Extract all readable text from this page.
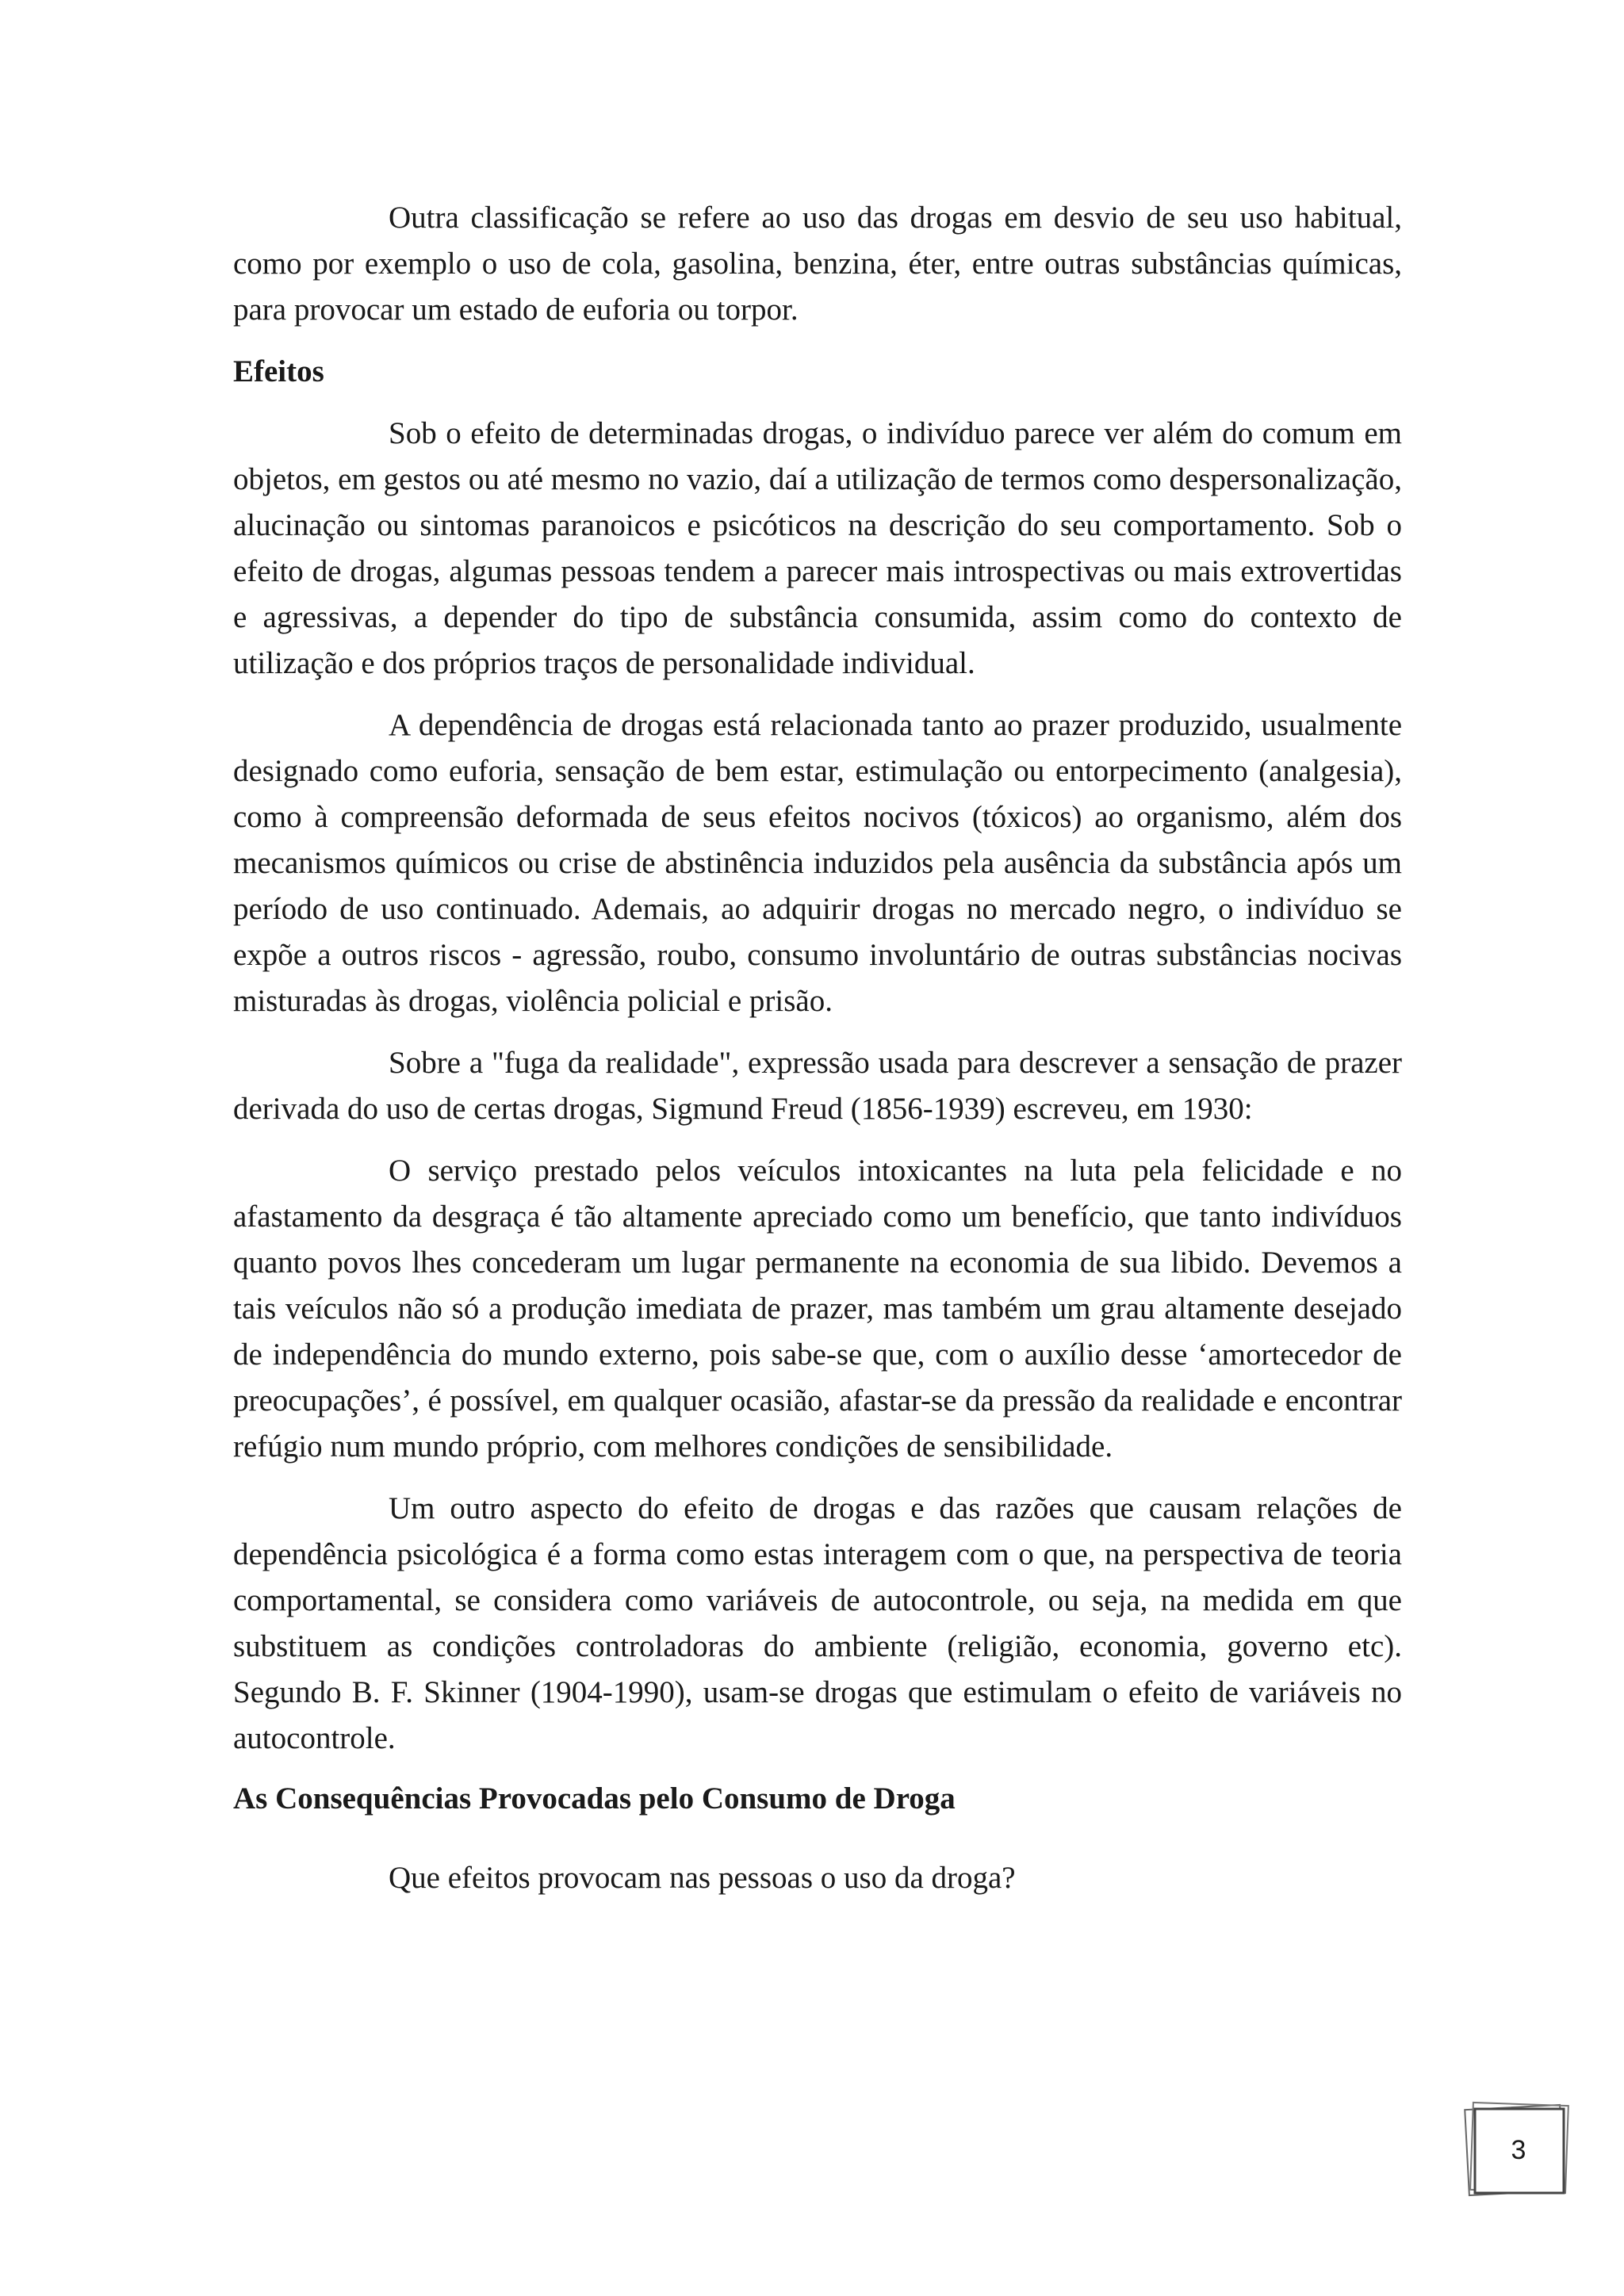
Outra classificação se refere ao uso das drogas em desvio de seu uso habitual, como por exemplo o uso de cola, gasolina, benzina, éter, entre outras substâncias químicas, para provocar um estado de euforia ou torpor.

Efeitos

Sob o efeito de determinadas drogas, o indivíduo parece ver além do comum em objetos, em gestos ou até mesmo no vazio, daí a utilização de termos como despersonalização, alucinação ou sintomas paranoicos e psicóticos na descrição do seu comportamento. Sob o efeito de drogas, algumas pessoas tendem a parecer mais introspectivas ou mais extrovertidas e agressivas, a depender do tipo de substância consumida, assim como do contexto de utilização e dos próprios traços de personalidade individual.

A dependência de drogas está relacionada tanto ao prazer produzido, usualmente designado como euforia, sensação de bem estar, estimulação ou entorpecimento (analgesia), como à compreensão deformada de seus efeitos nocivos (tóxicos) ao organismo, além dos mecanismos químicos ou crise de abstinência induzidos pela ausência da substância após um período de uso continuado. Ademais, ao adquirir drogas no mercado negro, o indivíduo se expõe a outros riscos - agressão, roubo, consumo involuntário de outras substâncias nocivas misturadas às drogas, violência policial e prisão.

Sobre a "fuga da realidade", expressão usada para descrever a sensação de prazer derivada do uso de certas drogas, Sigmund Freud (1856-1939) escreveu, em 1930:

O serviço prestado pelos veículos intoxicantes na luta pela felicidade e no afastamento da desgraça é tão altamente apreciado como um benefício, que tanto indivíduos quanto povos lhes concederam um lugar permanente na economia de sua libido. Devemos a tais veículos não só a produção imediata de prazer, mas também um grau altamente desejado de independência do mundo externo, pois sabe-se que, com o auxílio desse ‘amortecedor de preocupações’, é possível, em qualquer ocasião, afastar-se da pressão da realidade e encontrar refúgio num mundo próprio, com melhores condições de sensibilidade.

Um outro aspecto do efeito de drogas e das razões que causam relações de dependência psicológica é a forma como estas interagem com o que, na perspectiva de teoria comportamental, se considera como variáveis de autocontrole, ou seja, na medida em que substituem as condições controladoras do ambiente (religião, economia, governo etc). Segundo B. F. Skinner (1904-1990), usam-se drogas que estimulam o efeito de variáveis no autocontrole.

As Consequências Provocadas pelo Consumo de Droga

Que efeitos provocam nas pessoas o uso da droga?

3
